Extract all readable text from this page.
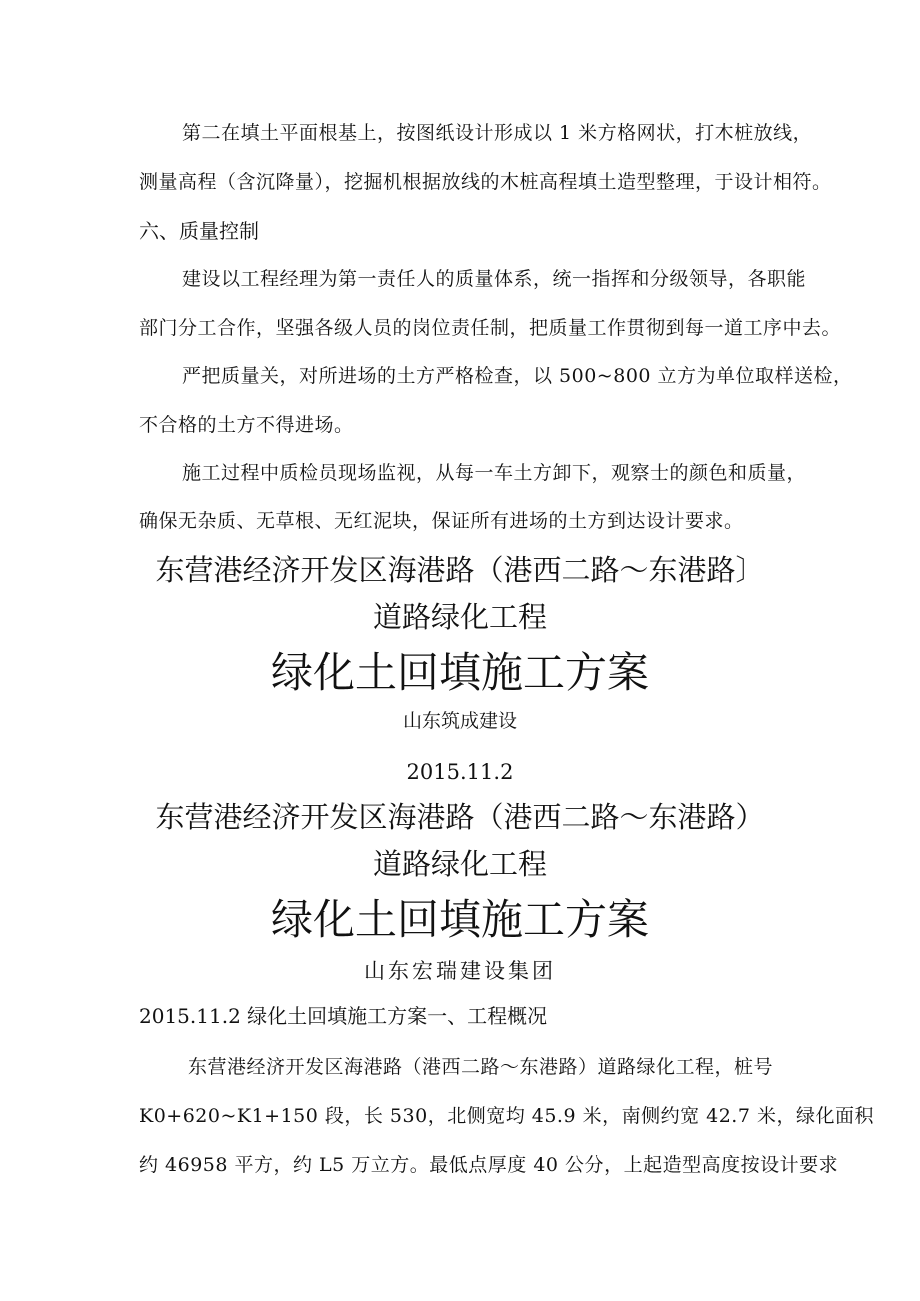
第二在填土平面根基上，按图纸设计形成以 1 米方格网状，打木桩放线，
测量高程（含沉降量），挖掘机根据放线的木桩高程填土造型整理，于设计相符。
六、质量控制
建设以工程经理为第一责任人的质量体系，统一指挥和分级领导，各职能
部门分工合作，坚强各级人员的岗位责任制，把质量工作贯彻到每一道工序中去。
严把质量关，对所进场的土方严格检查，以 500~800 立方为单位取样送检，
不合格的土方不得进场。
施工过程中质检员现场监视，从每一车土方卸下，观察士的颜色和质量，
确保无杂质、无草根、无红泥块，保证所有进场的土方到达设计要求。
东营港经济开发区海港路（港西二路～东港路〕
道路绿化工程
绿化土回填施工方案
山东筑成建设
2015.11.2
东营港经济开发区海港路（港西二路～东港路）
道路绿化工程
绿化土回填施工方案
山东宏瑞建设集团
2015.11.2 绿化土回填施工方案一、工程概况
东营港经济开发区海港路（港西二路～东港路）道路绿化工程，桩号
K0+620~K1+150 段，长 530，北侧宽均 45.9 米，南侧约宽 42.7 米，绿化面积
约 46958 平方，约 L5 万立方。最低点厚度 40 公分，上起造型高度按设计要求
